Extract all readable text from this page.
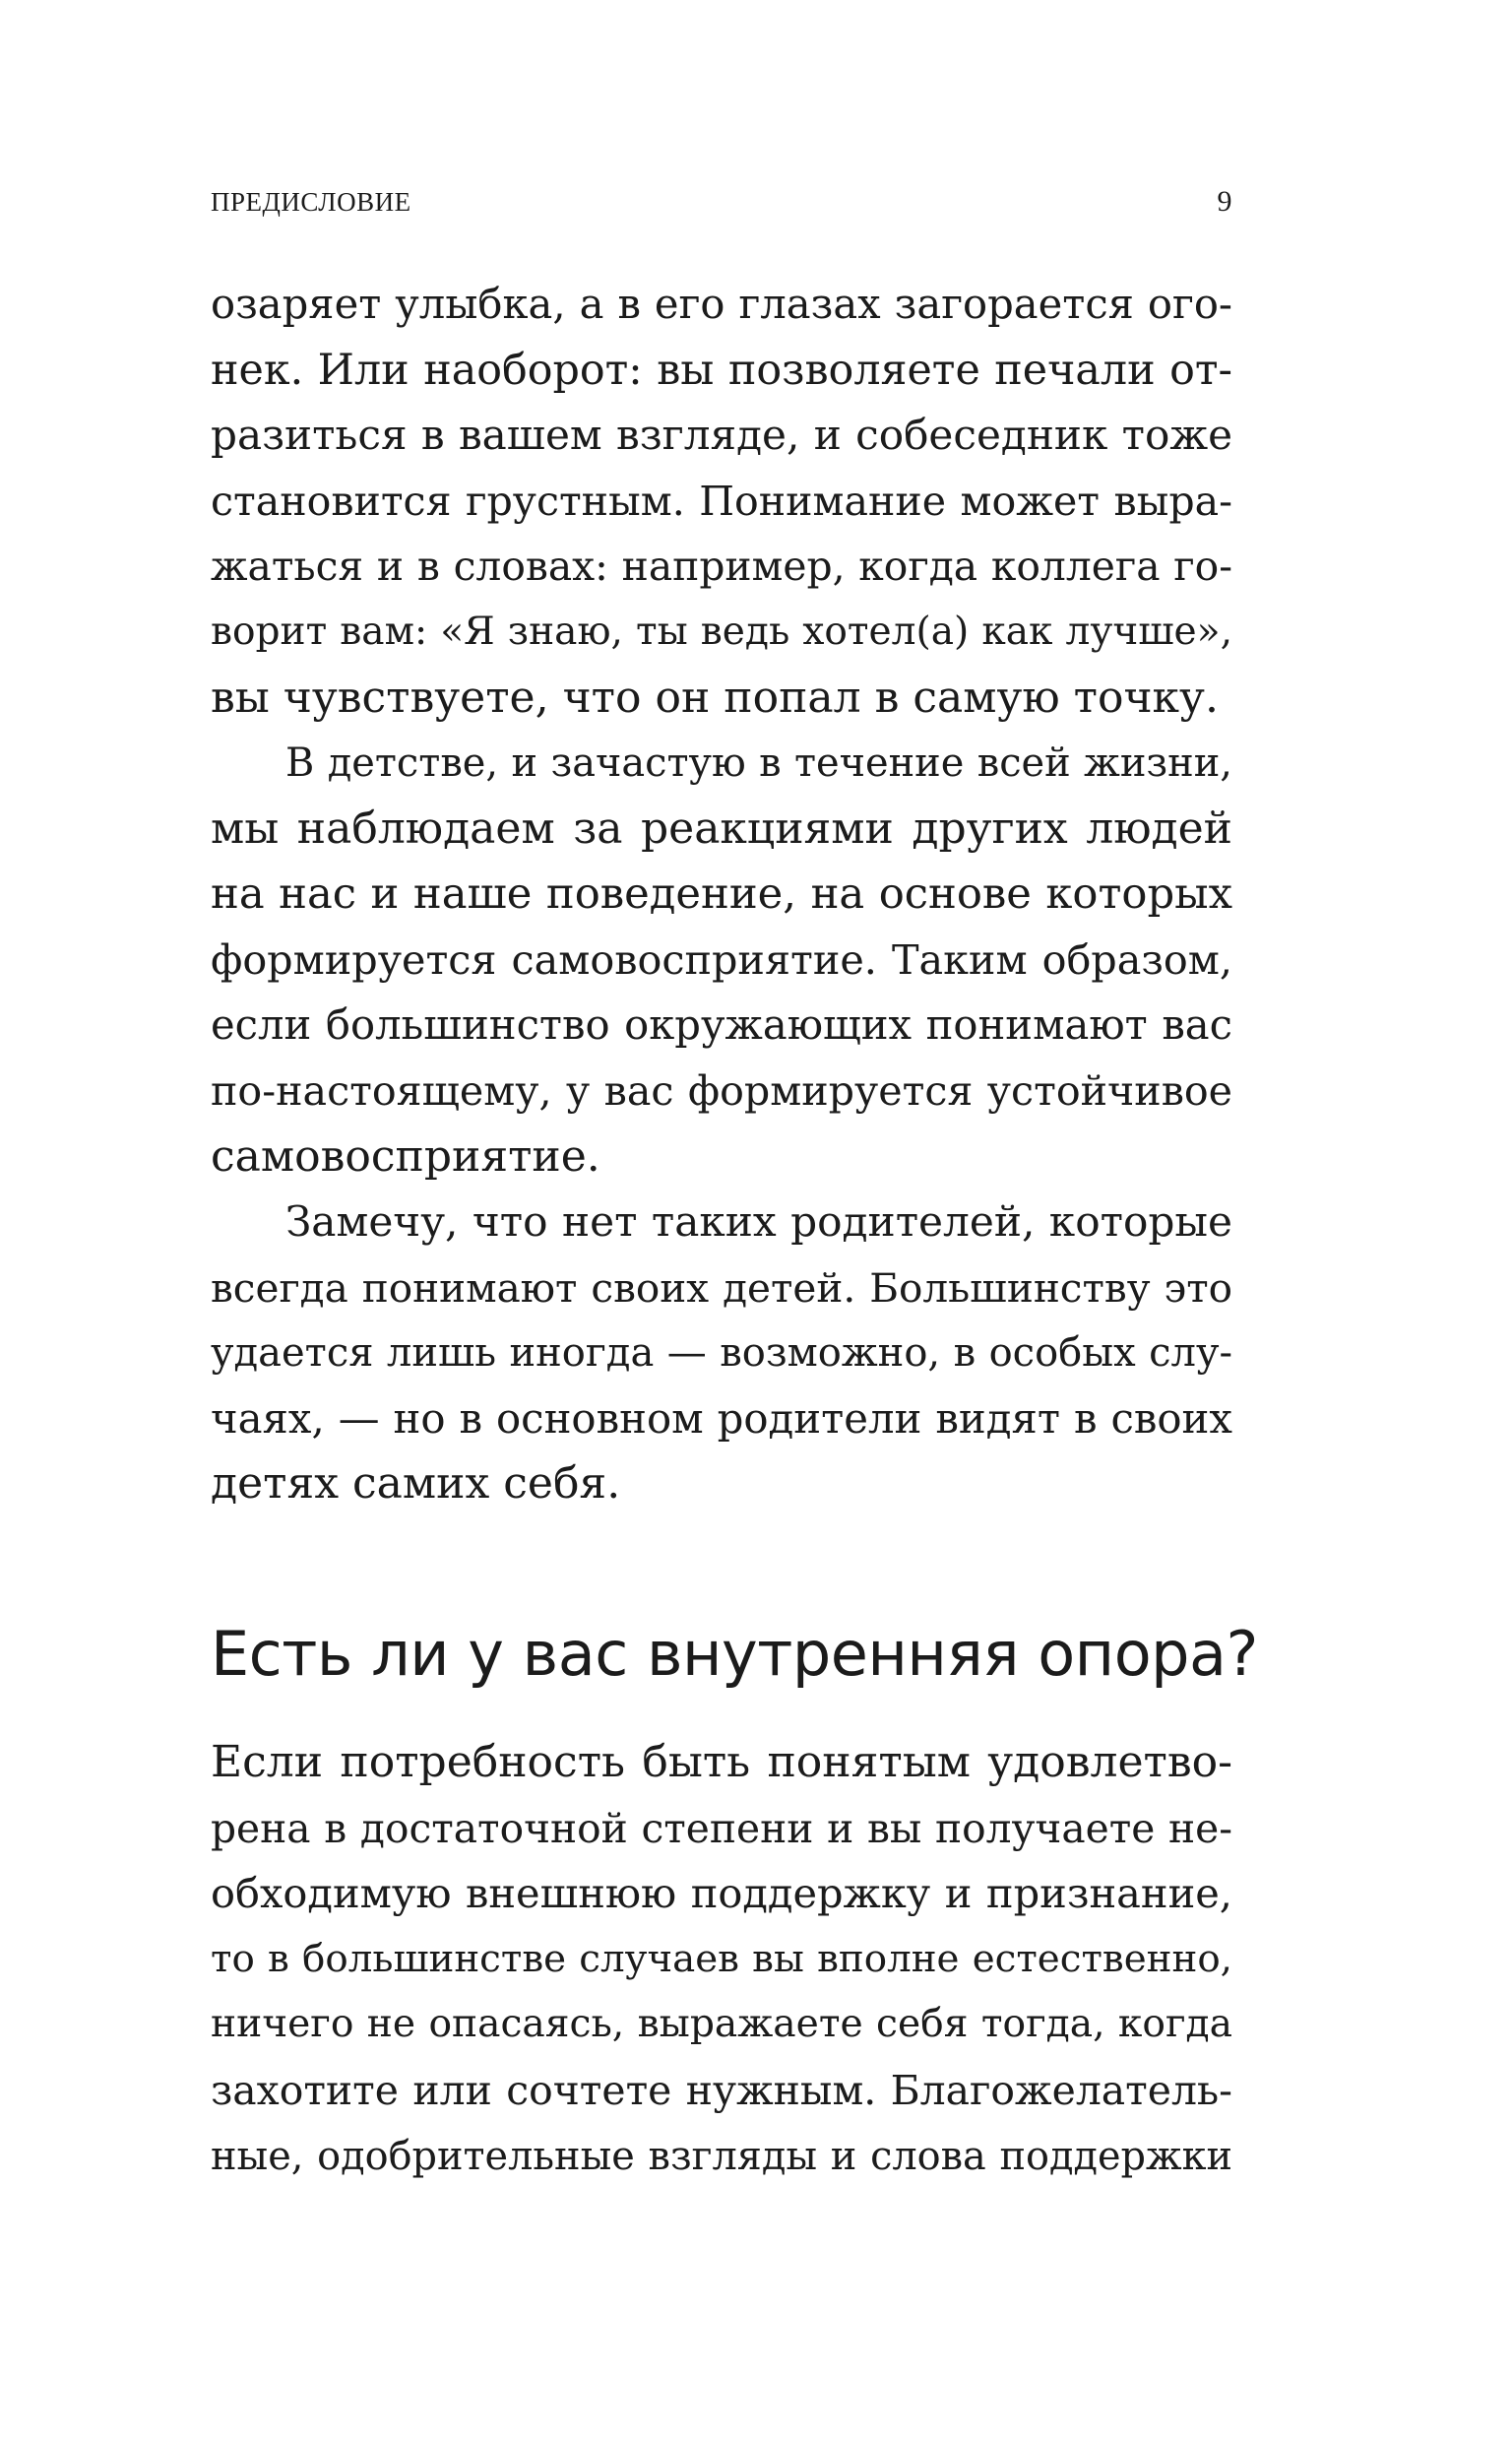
ПРЕДИСЛОВИЕ	9
озаряет улыбка, а в его глазах загорается ого-
нек. Или наоборот: вы позволяете печали от-
разиться в вашем взгляде, и собеседник тоже
становится грустным. Понимание может выра-
жаться и в словах: например, когда коллега го-
ворит вам: «Я знаю, ты ведь хотел(а) как лучше»,
вы чувствуете, что он попал в самую точку.
В детстве, и зачастую в течение всей жизни,
мы наблюдаем за реакциями других людей
на нас и наше поведение, на основе которых
формируется самовосприятие. Таким образом,
если большинство окружающих понимают вас
по-настоящему, у вас формируется устойчивое
самовосприятие.
Замечу, что нет таких родителей, которые
всегда понимают своих детей. Большинству это
удается лишь иногда — возможно, в особых слу-
чаях, — но в основном родители видят в своих
детях самих себя.
Есть ли у вас внутренняя опора?
Если потребность быть понятым удовлетво-
рена в достаточной степени и вы получаете не-
обходимую внешнюю поддержку и признание,
то в большинстве случаев вы вполне естественно,
ничего не опасаясь, выражаете себя тогда, когда
захотите или сочтете нужным. Благожелатель-
ные, одобрительные взгляды и слова поддержки
